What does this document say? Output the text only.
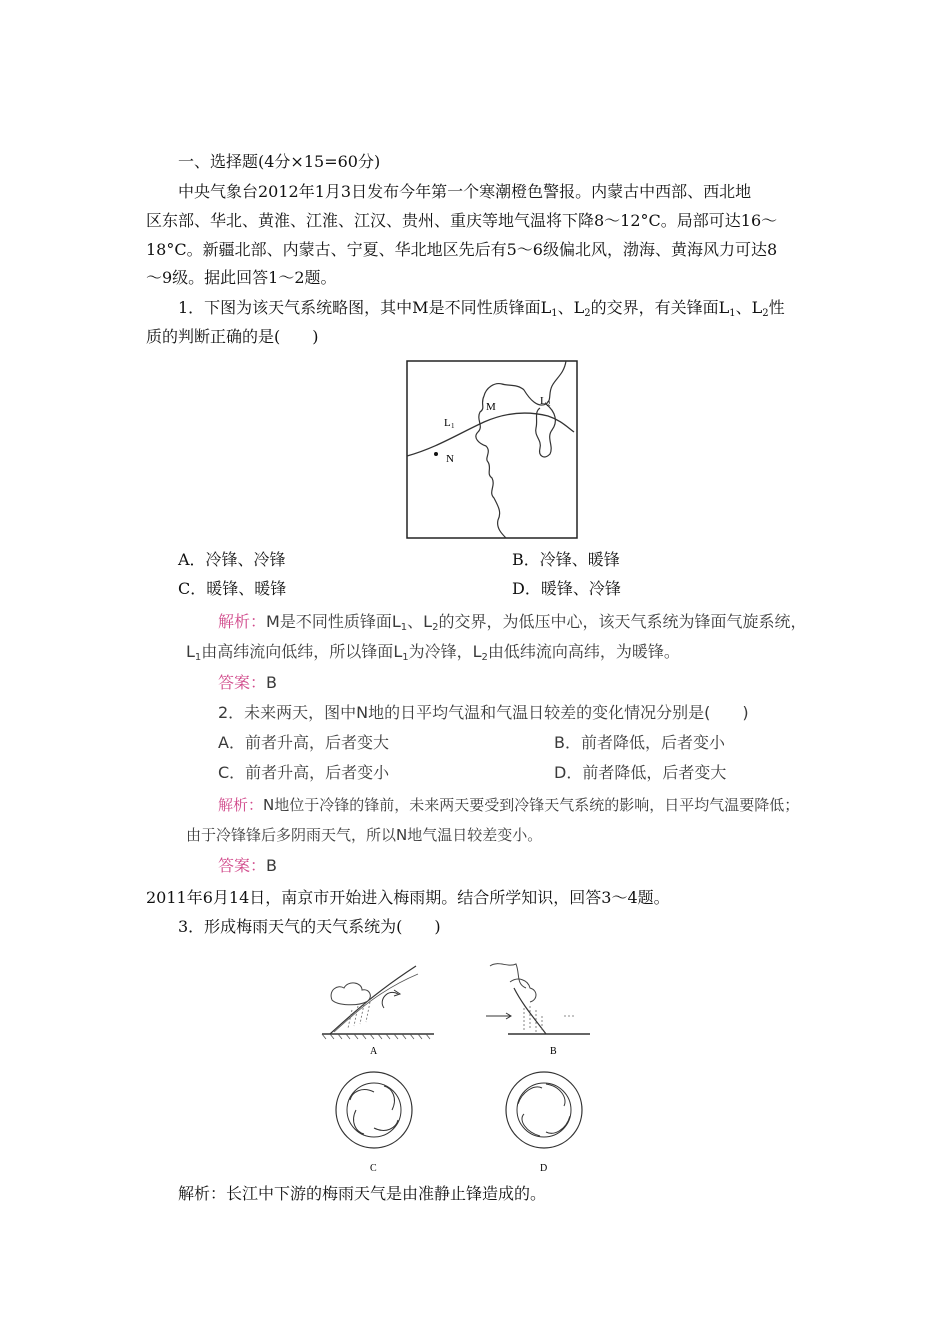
一、选择题(4分×15=60分)
中央气象台2012年1月3日发布今年第一个寒潮橙色警报。内蒙古中西部、西北地
区东部、华北、黄淮、江淮、江汉、贵州、重庆等地气温将下降8～12°C。局部可达16～
18°C。新疆北部、内蒙古、宁夏、华北地区先后有5～6级偏北风，渤海、黄海风力可达8
～9级。据此回答1～2题。
1．下图为该天气系统略图，其中M是不同性质锋面$L_1$、$L_2$的交界，有关锋面$L_1$、$L_2$性
质的判断正确的是(　　)
M
N
L 1
L 2
A．冷锋、冷锋	B．冷锋、暖锋
C．暖锋、暖锋	D．暖锋、冷锋
解析：M是不同性质锋面$L_1$、$L_2$的交界，为低压中心，该天气系统为锋面气旋系统，
$L_1$由高纬流向低纬，所以锋面$L_1$为冷锋，$L_2$由低纬流向高纬，为暖锋。
答案：B
2．未来两天，图中N地的日平均气温和气温日较差的变化情况分别是(　　)
A．前者升高，后者变大	B．前者降低，后者变小
C．前者升高，后者变小	D．前者降低，后者变大
解析：N地位于冷锋的锋前，未来两天要受到冷锋天气系统的影响，日平均气温要降低；
由于冷锋锋后多阴雨天气，所以N地气温日较差变小。
答案：B
2011年6月14日，南京市开始进入梅雨期。结合所学知识，回答3～4题。
3．形成梅雨天气的天气系统为(　　)
A	B
C	D
解析：长江中下游的梅雨天气是由准静止锋造成的。
